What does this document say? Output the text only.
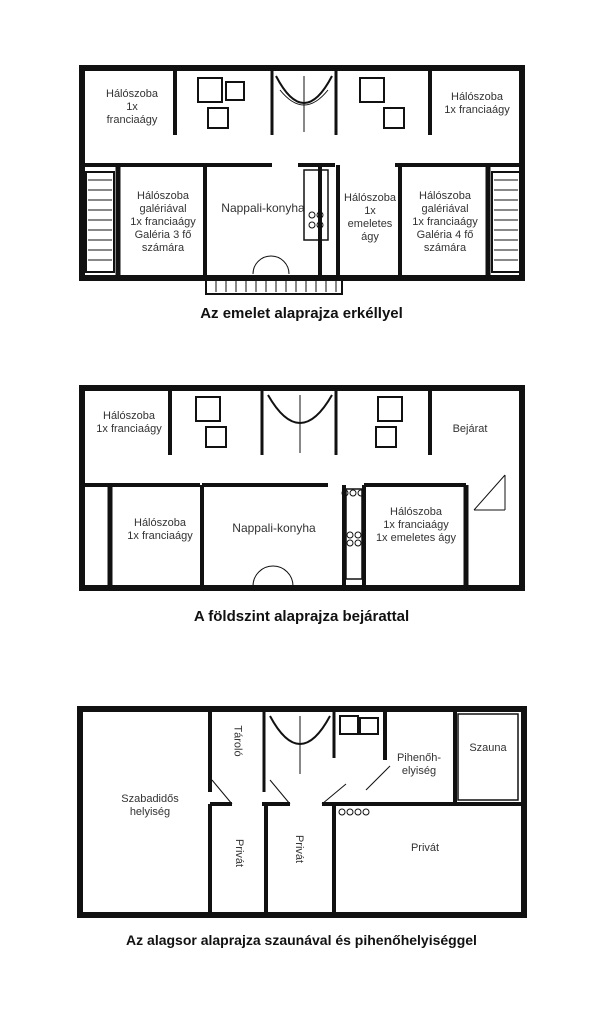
Hálószoba
1x
franciaágy
Hálószoba
1x franciaágy
Hálószoba
galériával
1x franciaágy
Galéria 3 fő
számára
Nappali-konyha
Hálószoba
1x
emeletes
ágy
Hálószoba
galériával
1x franciaágy
Galéria 4 fő
számára
Az emelet alaprajza erkéllyel
Hálószoba
1x franciaágy	Bejárat
Hálószoba
1x franciaágy
Nappali-konyha
Hálószoba
1x franciaágy
1x emeletes ágy
A földszint alaprajza bejárattal
Szabadidős
helyiség
Tároló
Pihenőh-
elyiség
Szauna
Privát	Privát	Privát
Az alagsor alaprajza szaunával és pihenőhelyiséggel
